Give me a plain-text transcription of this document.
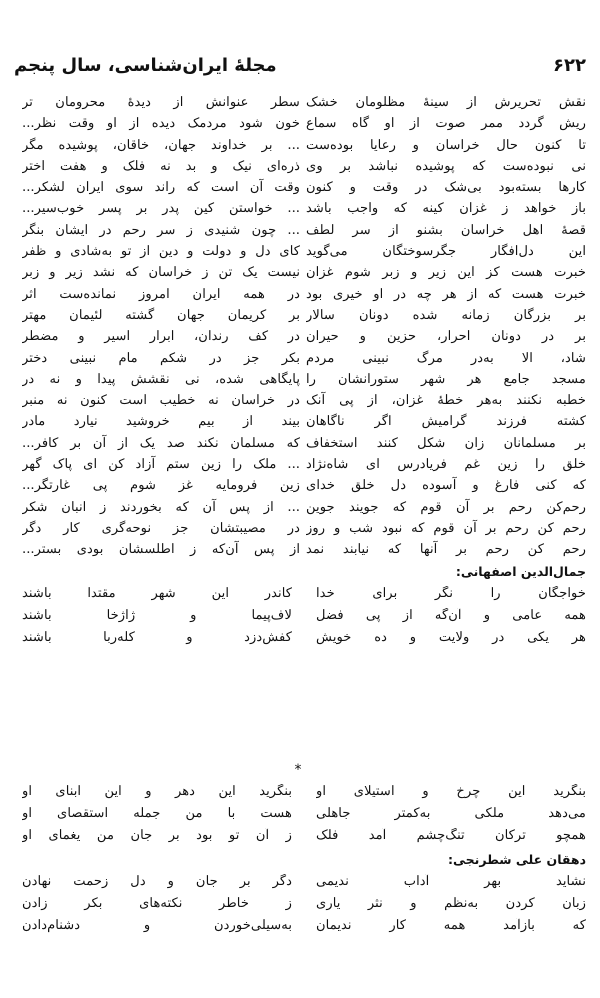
مجلهٔ ایران‌شناسی، سال پنجم	۶۲۲
نقش تحریرش از سینهٔ مظلومان خشک
ریش گردد ممر صوت از او گاه سماع
تا کنون حال خراسان و رعایا بوده‌ست
نی نبوده‌ست که پوشیده نباشد بر وی
کارها بسته‌بود بی‌شک در وقت و کنون
باز خواهد ز غزان کینه که واجب باشد
قصهٔ اهل خراسان بشنو از سر لطف
این دل‌افگار جگرسوختگان می‌گوید
خبرت هست کز این زیر و زبر شوم غزان
خبرت هست که از هر چه در او خیری بود
بر بزرگان زمانه شده دونان سالار
بر در دونان احرار، حزین و حیران
شاد، الا به‌در مرگ نبینی مردم
مسجد جامع هر شهر ستورانشان را
خطبه نکنند به‌هر خطهٔ غزان، از پی آنک
کشته فرزند گرامیش اگر ناگاهان
بر مسلمانان زان شکل کنند استخفاف
خلق را زین غم فریادرس ای شاه‌نژاد
که کنی فارغ و آسوده دل خلق خدای
رحم‌کن رحم بر آن قوم که جویند جوین
رحم کن رحم بر آن قوم که نبود شب و روز
رحم کن رحم بر آنها که نیابند نمد
سطر عنوانش از دیدهٔ محرومان تر
خون شود مردمک دیده از او وقت نظر...
... بر خداوند جهان، خاقان، پوشیده مگر
ذره‌ای نیک و بد نه فلک و هفت اختر
وقت آن است که راند سوی ایران لشکر...
... خواستن کین پدر بر پسر خوب‌سیر...
... چون شنیدی ز سر رحم در ایشان بنگر
کای دل و دولت و دین از تو به‌شادی و ظفر
نیست یک تن ز خراسان که نشد زیر و زبر
در همه ایران امروز نمانده‌ست اثر
بر کریمان جهان گشته لئیمان مهتر
در کف رندان، ابرار اسیر و مضطر
بکر جز در شکم مام نبینی دختر
پایگاهی شده، نی نقشش پیدا و نه در
در خراسان نه خطیب است کنون نه منبر
بیند از بیم خروشید نیارد مادر
که مسلمان نکند صد یک از آن بر کافر...
... ملک را زین ستم آزاد کن ای پاک گهر
زین فرومایه غز شوم پی غارتگر...
... از پس آن که بخوردند ز انبان شکر
در مصیبتشان جز نوحه‌گری کار دگر
از پس آن‌که ز اطلسشان بودی بستر...
جمال‌الدین اصفهانی:
خواجگان را نگر برای خدا
کاندر این شهر مقتدا باشند
همه عامی و آن‌گه از پی فضل
لاف‌پیما و ژاژخا باشند
هر یکی در ولایت و ده خویش
کفش‌دزد و کله‌ربا باشند
*
بنگرید این چرخ و استیلای او
بنگرید این دهر و این ابنای او
می‌دهد ملکی به‌کمتر جاهلی
هست با من جمله استقصای او
همچو ترکان تنگ‌چشم آمد فلک
ز آن تو بود بر جان من یغمای او
دهقان علی شطرنجی:
نشاید بهر آداب ندیمی
دگر بر جان و دل زحمت نهادن
زبان کردن به‌نظم و نثر یاری
ز خاطر نکته‌های بکر زادن
که بازآمد همه کار ندیمان
به‌سیلی‌خوردن و دشنام‌دادن
